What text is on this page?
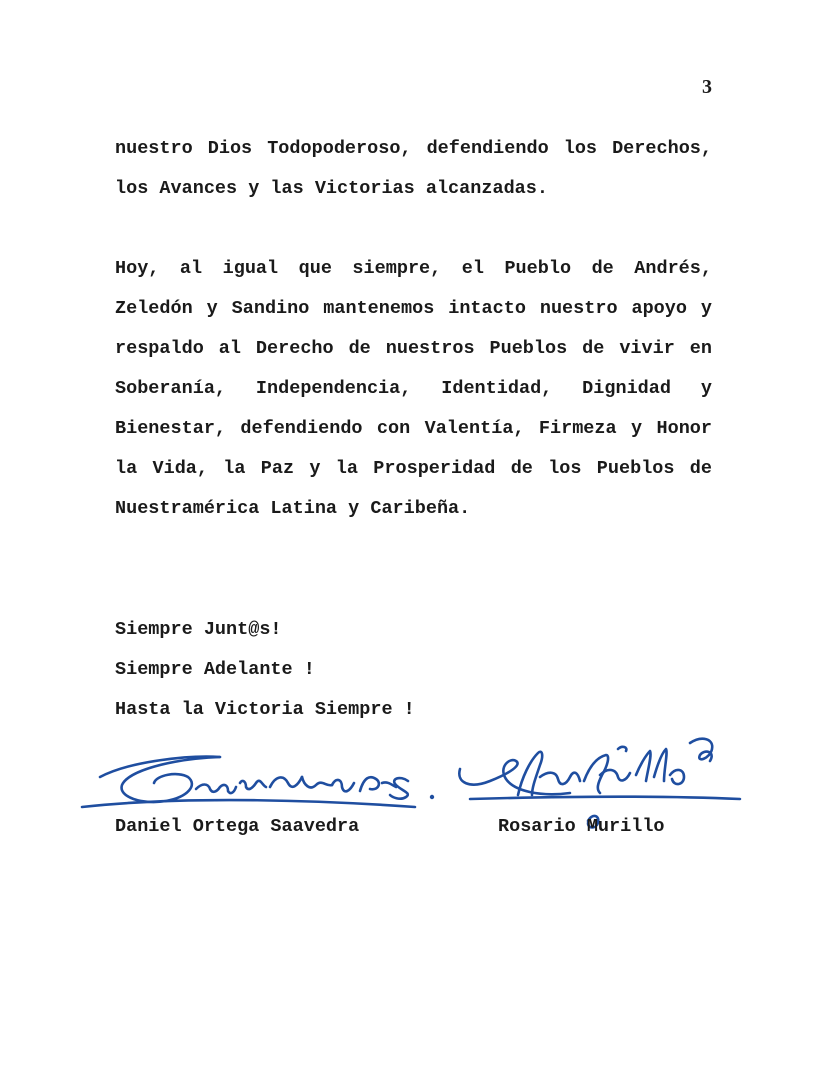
3

nuestro Dios Todopoderoso, defendiendo los Derechos, los Avances y las Victorias alcanzadas.

Hoy, al igual que siempre, el Pueblo de Andrés, Zeledón y Sandino mantenemos intacto nuestro apoyo y respaldo al Derecho de nuestros Pueblos de vivir en Soberanía, Independencia, Identidad, Dignidad y Bienestar, defendiendo con Valentía, Firmeza y Honor la Vida, la Paz y la Prosperidad de los Pueblos de Nuestramérica Latina y Caribeña.

Siempre Junt@s!
Siempre Adelante !
Hasta la Victoria Siempre !
Daniel Ortega Saavedra	Rosario Murillo
